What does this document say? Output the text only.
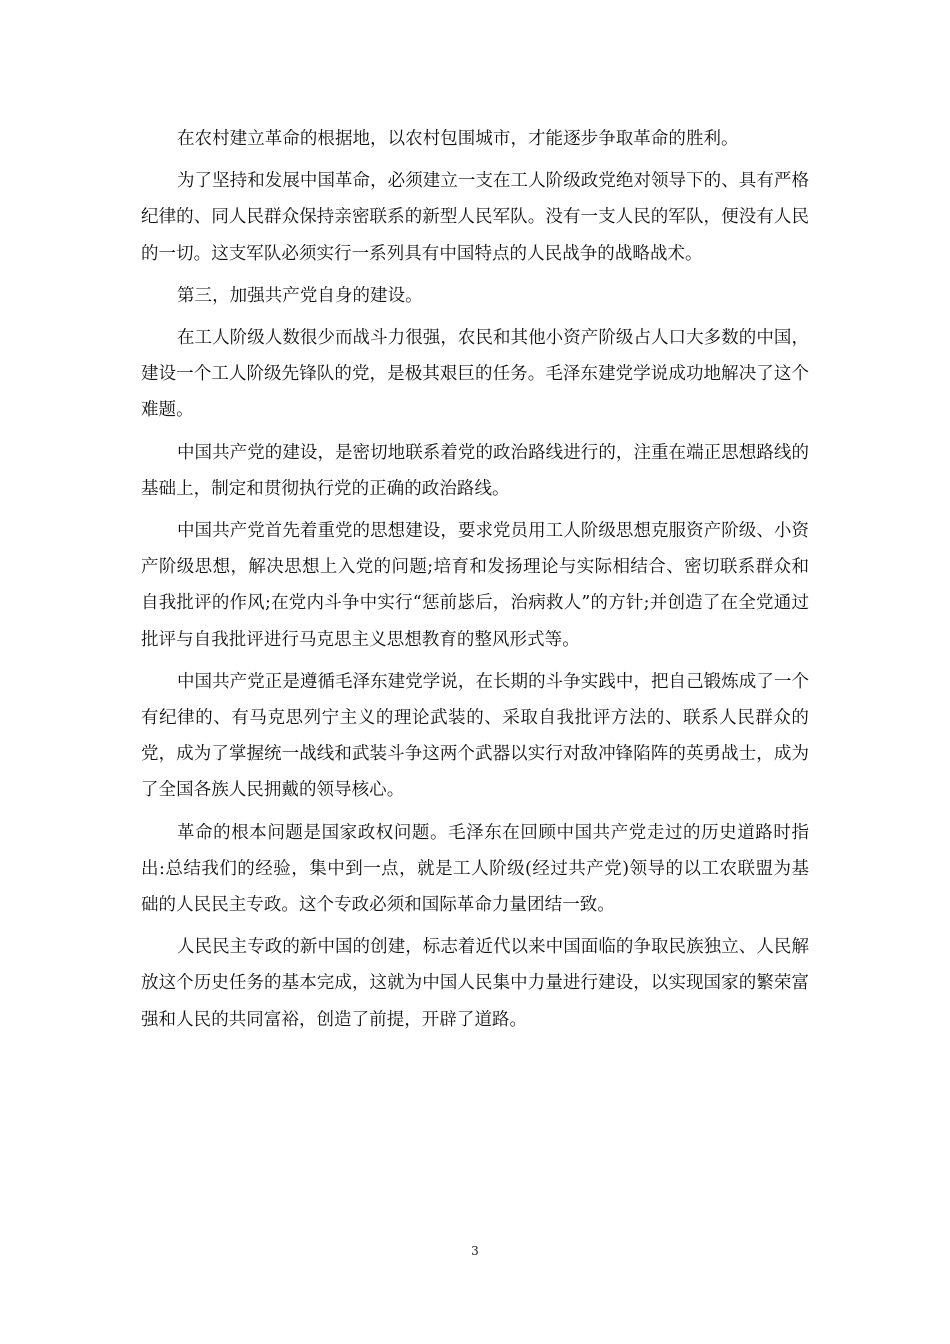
在农村建立革命的根据地，以农村包围城市，才能逐步争取革命的胜利。

为了坚持和发展中国革命，必须建立一支在工人阶级政党绝对领导下的、具有严格纪律的、同人民群众保持亲密联系的新型人民军队。没有一支人民的军队，便没有人民的一切。这支军队必须实行一系列具有中国特点的人民战争的战略战术。

第三，加强共产党自身的建设。

在工人阶级人数很少而战斗力很强，农民和其他小资产阶级占人口大多数的中国，建设一个工人阶级先锋队的党，是极其艰巨的任务。毛泽东建党学说成功地解决了这个难题。

中国共产党的建设，是密切地联系着党的政治路线进行的，注重在端正思想路线的基础上，制定和贯彻执行党的正确的政治路线。

中国共产党首先着重党的思想建设，要求党员用工人阶级思想克服资产阶级、小资产阶级思想，解决思想上入党的问题;培育和发扬理论与实际相结合、密切联系群众和自我批评的作风;在党内斗争中实行“惩前毖后，治病救人”的方针;并创造了在全党通过批评与自我批评进行马克思主义思想教育的整风形式等。

中国共产党正是遵循毛泽东建党学说，在长期的斗争实践中，把自己锻炼成了一个有纪律的、有马克思列宁主义的理论武装的、采取自我批评方法的、联系人民群众的党，成为了掌握统一战线和武装斗争这两个武器以实行对敌冲锋陷阵的英勇战士，成为了全国各族人民拥戴的领导核心。

革命的根本问题是国家政权问题。毛泽东在回顾中国共产党走过的历史道路时指出:总结我们的经验，集中到一点，就是工人阶级(经过共产党)领导的以工农联盟为基础的人民民主专政。这个专政必须和国际革命力量团结一致。

人民民主专政的新中国的创建，标志着近代以来中国面临的争取民族独立、人民解放这个历史任务的基本完成，这就为中国人民集中力量进行建设，以实现国家的繁荣富强和人民的共同富裕，创造了前提，开辟了道路。

3
